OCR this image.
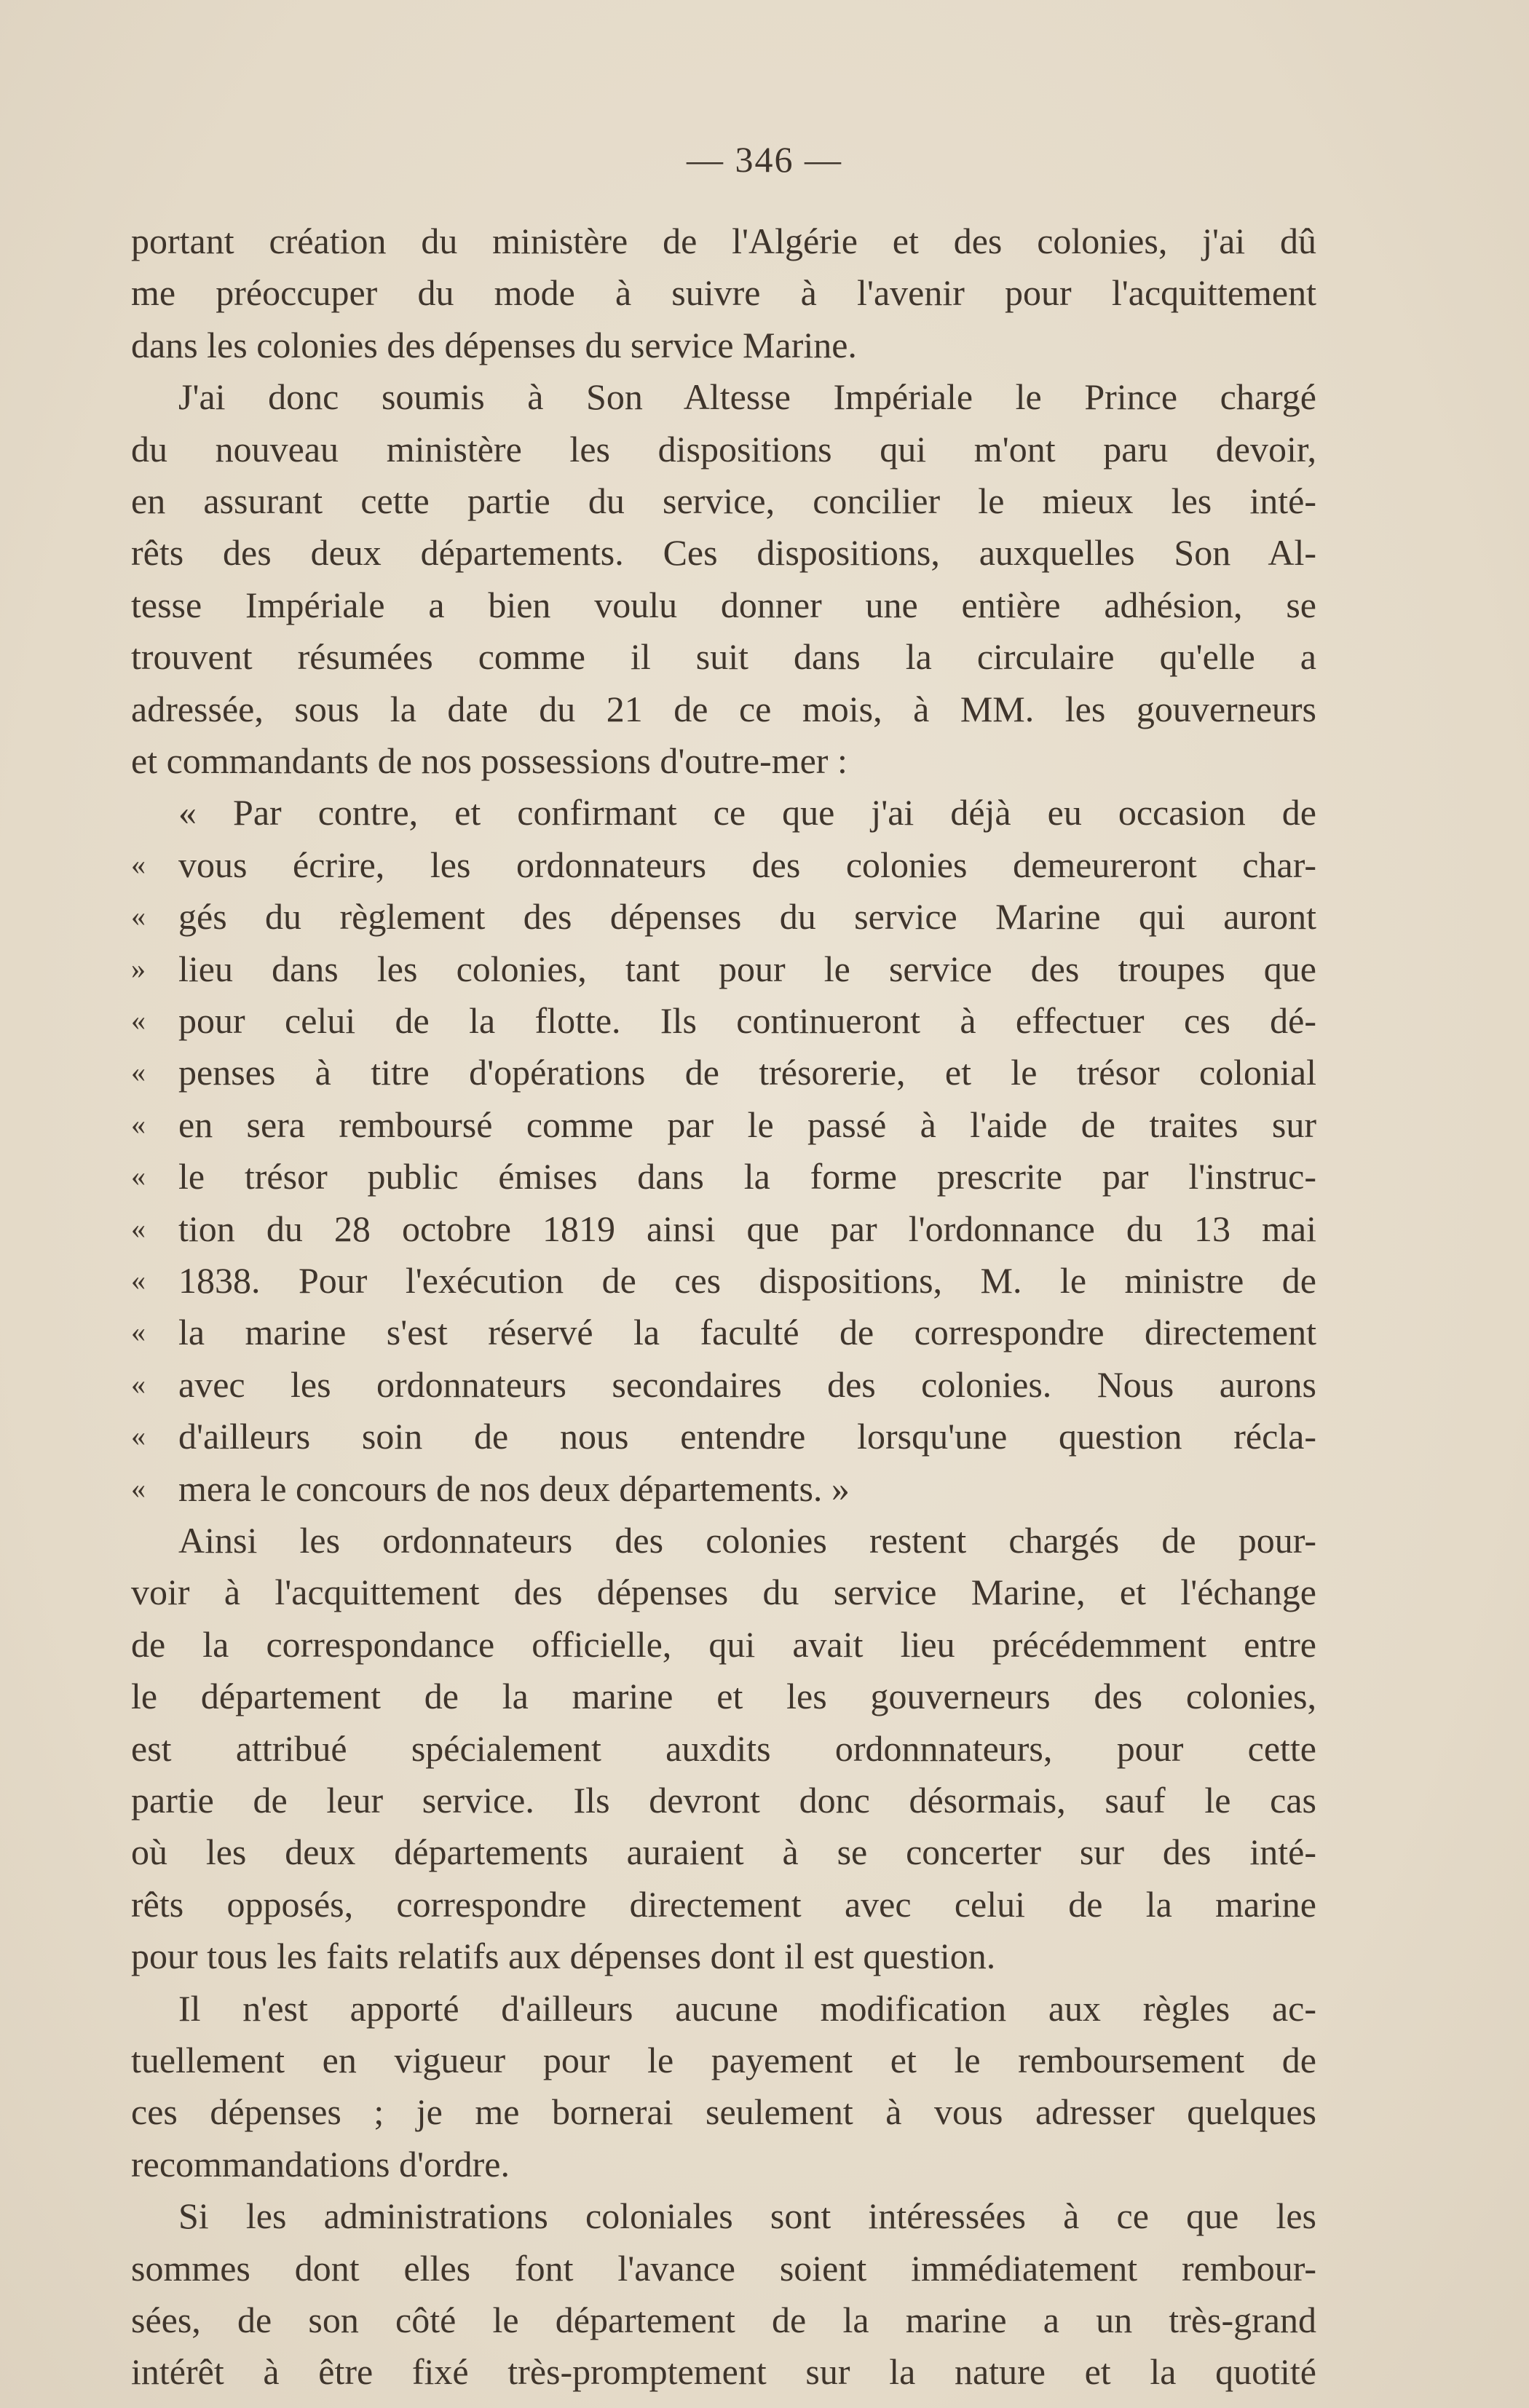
— 346 —
portant création du ministère de l'Algérie et des colonies, j'ai dû
me préoccuper du mode à suivre à l'avenir pour l'acquittement
dans les colonies des dépenses du service Marine.
J'ai donc soumis à Son Altesse Impériale le Prince chargé
du nouveau ministère les dispositions qui m'ont paru devoir,
en assurant cette partie du service, concilier le mieux les inté-
rêts des deux départements. Ces dispositions, auxquelles Son Al-
tesse Impériale a bien voulu donner une entière adhésion, se
trouvent résumées comme il suit dans la circulaire qu'elle a
adressée, sous la date du 21 de ce mois, à MM. les gouverneurs
et commandants de nos possessions d'outre-mer :
« Par contre, et confirmant ce que j'ai déjà eu occasion de
« vous écrire, les ordonnateurs des colonies demeureront char-
« gés du règlement des dépenses du service Marine qui auront
» lieu dans les colonies, tant pour le service des troupes que
« pour celui de la flotte. Ils continueront à effectuer ces dé-
« penses à titre d'opérations de trésorerie, et le trésor colonial
« en sera remboursé comme par le passé à l'aide de traites sur
« le trésor public émises dans la forme prescrite par l'instruc-
« tion du 28 octobre 1819 ainsi que par l'ordonnance du 13 mai
« 1838. Pour l'exécution de ces dispositions, M. le ministre de
« la marine s'est réservé la faculté de correspondre directement
« avec les ordonnateurs secondaires des colonies. Nous aurons
« d'ailleurs soin de nous entendre lorsqu'une question récla-
« mera le concours de nos deux départements. »
Ainsi les ordonnateurs des colonies restent chargés de pour-
voir à l'acquittement des dépenses du service Marine, et l'échange
de la correspondance officielle, qui avait lieu précédemment entre
le département de la marine et les gouverneurs des colonies,
est attribué spécialement auxdits ordonnnateurs, pour cette
partie de leur service. Ils devront donc désormais, sauf le cas
où les deux départements auraient à se concerter sur des inté-
rêts opposés, correspondre directement avec celui de la marine
pour tous les faits relatifs aux dépenses dont il est question.
Il n'est apporté d'ailleurs aucune modification aux règles ac-
tuellement en vigueur pour le payement et le remboursement de
ces dépenses ; je me bornerai seulement à vous adresser quelques
recommandations d'ordre.
Si les administrations coloniales sont intéressées à ce que les
sommes dont elles font l'avance soient immédiatement rembour-
sées, de son côté le département de la marine a un très-grand
intérêt à être fixé très-promptement sur la nature et la quotité
